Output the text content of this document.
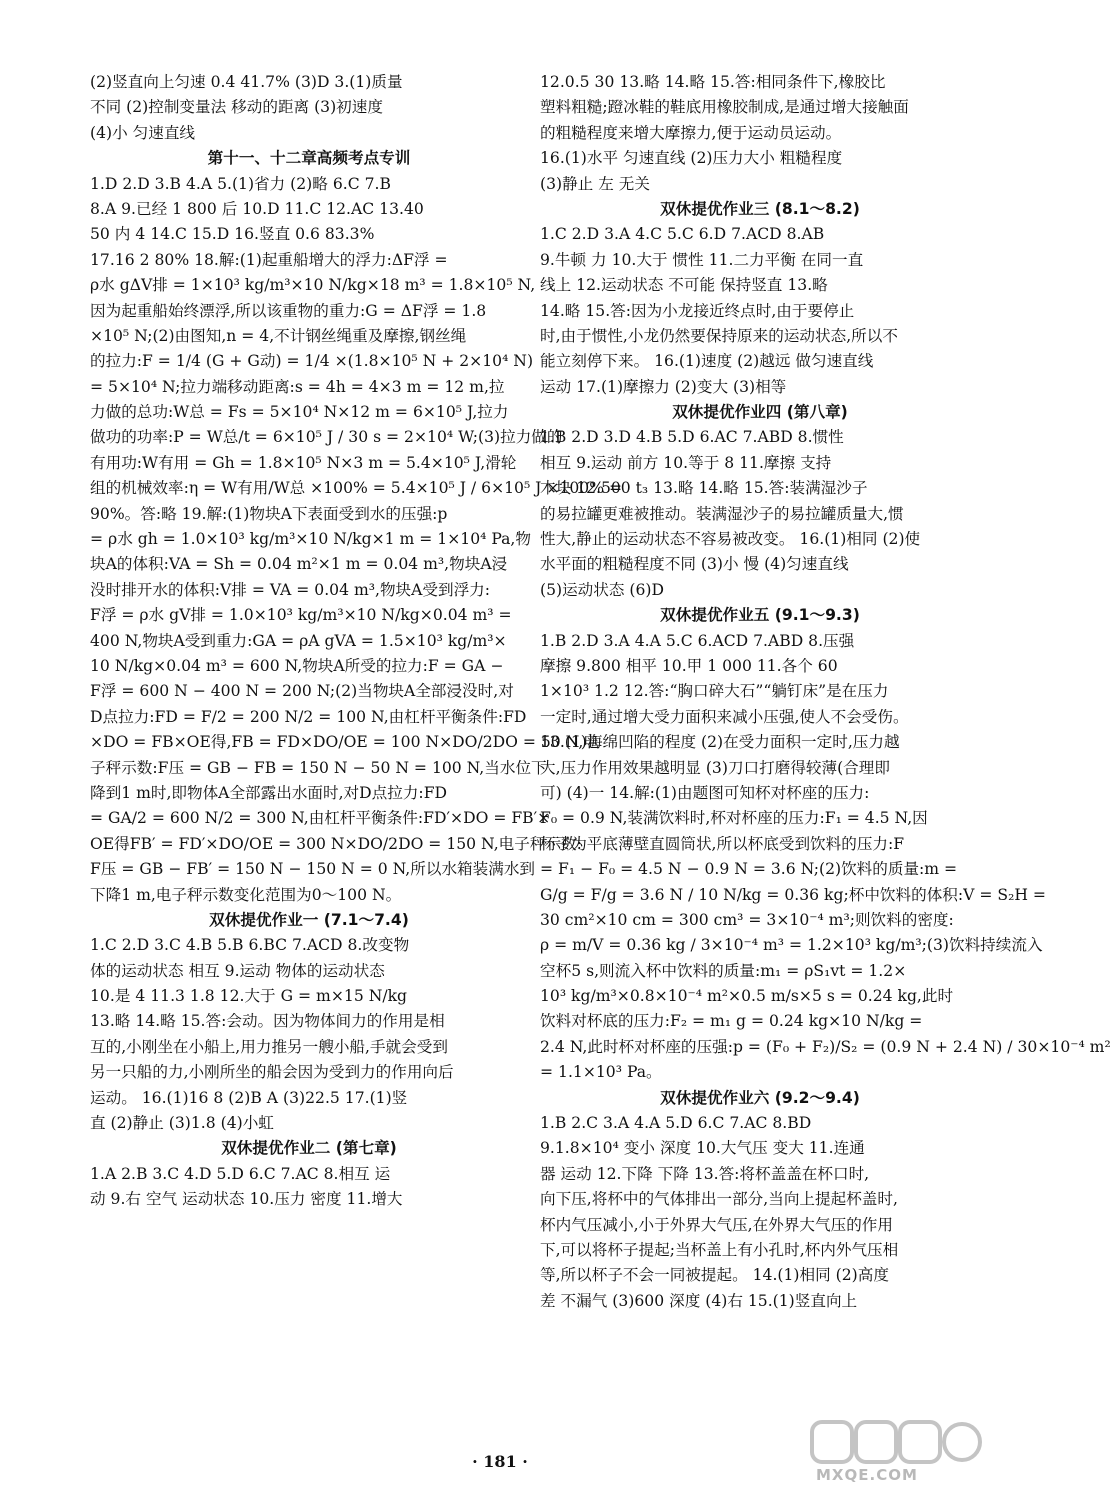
(2)竖直向上匀速 0.4 41.7% (3)D 3.(1)质量
不同 (2)控制变量法 移动的距离 (3)初速度
(4)小 匀速直线
第十一、十二章高频考点专训
1.D 2.D 3.B 4.A 5.(1)省力 (2)略 6.C 7.B
8.A 9.已经 1 800 后 10.D 11.C 12.AC 13.40
50 内 4 14.C 15.D 16.竖直 0.6 83.3%
17.16 2 80% 18.解:(1)起重船增大的浮力:ΔF浮 =
ρ水 gΔV排 = 1×10³ kg/m³×10 N/kg×18 m³ = 1.8×10⁵ N,
因为起重船始终漂浮,所以该重物的重力:G = ΔF浮 = 1.8
×10⁵ N;(2)由图知,n = 4,不计钢丝绳重及摩擦,钢丝绳
的拉力:F = 1/4 (G + G动) = 1/4 ×(1.8×10⁵ N + 2×10⁴ N)
= 5×10⁴ N;拉力端移动距离:s = 4h = 4×3 m = 12 m,拉
力做的总功:W总 = Fs = 5×10⁴ N×12 m = 6×10⁵ J,拉力
做功的功率:P = W总/t = 6×10⁵ J / 30 s = 2×10⁴ W;(3)拉力做的
有用功:W有用 = Gh = 1.8×10⁵ N×3 m = 5.4×10⁵ J,滑轮
组的机械效率:η = W有用/W总 ×100% = 5.4×10⁵ J / 6×10⁵ J ×100% =
90%。答:略 19.解:(1)物块A下表面受到水的压强:p
= ρ水 gh = 1.0×10³ kg/m³×10 N/kg×1 m = 1×10⁴ Pa,物
块A的体积:VA = Sh = 0.04 m²×1 m = 0.04 m³,物块A浸
没时排开水的体积:V排 = VA = 0.04 m³,物块A受到浮力:
F浮 = ρ水 gV排 = 1.0×10³ kg/m³×10 N/kg×0.04 m³ =
400 N,物块A受到重力:GA = ρA gVA = 1.5×10³ kg/m³×
10 N/kg×0.04 m³ = 600 N,物块A所受的拉力:F = GA −
F浮 = 600 N − 400 N = 200 N;(2)当物块A全部浸没时,对
D点拉力:FD = F/2 = 200 N/2 = 100 N,由杠杆平衡条件:FD
×DO = FB×OE得,FB = FD×DO/OE = 100 N×DO/2DO = 50 N,电
子秤示数:F压 = GB − FB = 150 N − 50 N = 100 N,当水位下
降到1 m时,即物体A全部露出水面时,对D点拉力:FD
= GA/2 = 600 N/2 = 300 N,由杠杆平衡条件:FD′×DO = FB′×
OE得FB′ = FD′×DO/OE = 300 N×DO/2DO = 150 N,电子秤示数:
F压 = GB − FB′ = 150 N − 150 N = 0 N,所以水箱装满水到
下降1 m,电子秤示数变化范围为0～100 N。
双休提优作业一 (7.1～7.4)
1.C 2.D 3.C 4.B 5.B 6.BC 7.ACD 8.改变物
体的运动状态 相互 9.运动 物体的运动状态
10.是 4 11.3 1.8 12.大于 G = m×15 N/kg
13.略 14.略 15.答:会动。因为物体间力的作用是相
互的,小刚坐在小船上,用力推另一艘小船,手就会受到
另一只船的力,小刚所坐的船会因为受到力的作用向后
运动。 16.(1)16 8 (2)B A (3)22.5 17.(1)竖
直 (2)静止 (3)1.8 (4)小虹
双休提优作业二 (第七章)
1.A 2.B 3.C 4.D 5.D 6.C 7.AC 8.相互 运
动 9.右 空气 运动状态 10.压力 密度 11.增大
12.0.5 30 13.略 14.略 15.答:相同条件下,橡胶比
塑料粗糙;蹬冰鞋的鞋底用橡胶制成,是通过增大接触面
的粗糙程度来增大摩擦力,便于运动员运动。
16.(1)水平 匀速直线 (2)压力大小 粗糙程度
(3)静止 左 无关
双休提优作业三 (8.1～8.2)
1.C 2.D 3.A 4.C 5.C 6.D 7.ACD 8.AB
9.牛顿 力 10.大于 惯性 11.二力平衡 在同一直
线上 12.运动状态 不可能 保持竖直 13.略
14.略 15.答:因为小龙接近终点时,由于要停止
时,由于惯性,小龙仍然要保持原来的运动状态,所以不
能立刻停下来。 16.(1)速度 (2)越远 做匀速直线
运动 17.(1)摩擦力 (2)变大 (3)相等
双休提优作业四 (第八章)
1.B 2.D 3.D 4.B 5.D 6.AC 7.ABD 8.惯性
相互 9.运动 前方 10.等于 8 11.摩擦 支持
木块 12.500 t₃ 13.略 14.略 15.答:装满湿沙子
的易拉罐更难被推动。装满湿沙子的易拉罐质量大,惯
性大,静止的运动状态不容易被改变。 16.(1)相同 (2)使
水平面的粗糙程度不同 (3)小 慢 (4)匀速直线
(5)运动状态 (6)D
双休提优作业五 (9.1～9.3)
1.B 2.D 3.A 4.A 5.C 6.ACD 7.ABD 8.压强
摩擦 9.800 相平 10.甲 1 000 11.各个 60
1×10³ 1.2 12.答:“胸口碎大石”“躺钉床”是在压力
一定时,通过增大受力面积来减小压强,使人不会受伤。
13.(1)海绵凹陷的程度 (2)在受力面积一定时,压力越
大,压力作用效果越明显 (3)刀口打磨得较薄(合理即
可) (4)一 14.解:(1)由题图可知杯对杯座的压力:
F₀ = 0.9 N,装满饮料时,杯对杯座的压力:F₁ = 4.5 N,因
杯子为平底薄壁直圆筒状,所以杯底受到饮料的压力:F
= F₁ − F₀ = 4.5 N − 0.9 N = 3.6 N;(2)饮料的质量:m =
G/g = F/g = 3.6 N / 10 N/kg = 0.36 kg;杯中饮料的体积:V = S₂H =
30 cm²×10 cm = 300 cm³ = 3×10⁻⁴ m³;则饮料的密度:
ρ = m/V = 0.36 kg / 3×10⁻⁴ m³ = 1.2×10³ kg/m³;(3)饮料持续流入
空杯5 s,则流入杯中饮料的质量:m₁ = ρS₁vt = 1.2×
10³ kg/m³×0.8×10⁻⁴ m²×0.5 m/s×5 s = 0.24 kg,此时
饮料对杯底的压力:F₂ = m₁ g = 0.24 kg×10 N/kg =
2.4 N,此时杯对杯座的压强:p = (F₀ + F₂)/S₂ = (0.9 N + 2.4 N) / 30×10⁻⁴ m²
= 1.1×10³ Pa。
双休提优作业六 (9.2～9.4)
1.B 2.C 3.A 4.A 5.D 6.C 7.AC 8.BD
9.1.8×10⁴ 变小 深度 10.大气压 变大 11.连通
器 运动 12.下降 下降 13.答:将杯盖盖在杯口时,
向下压,将杯中的气体排出一部分,当向上提起杯盖时,
杯内气压减小,小于外界大气压,在外界大气压的作用
下,可以将杯子提起;当杯盖上有小孔时,杯内外气压相
等,所以杯子不会一同被提起。 14.(1)相同 (2)高度
差 不漏气 (3)600 深度 (4)右 15.(1)竖直向上
· 181 ·
MXQE.COM
